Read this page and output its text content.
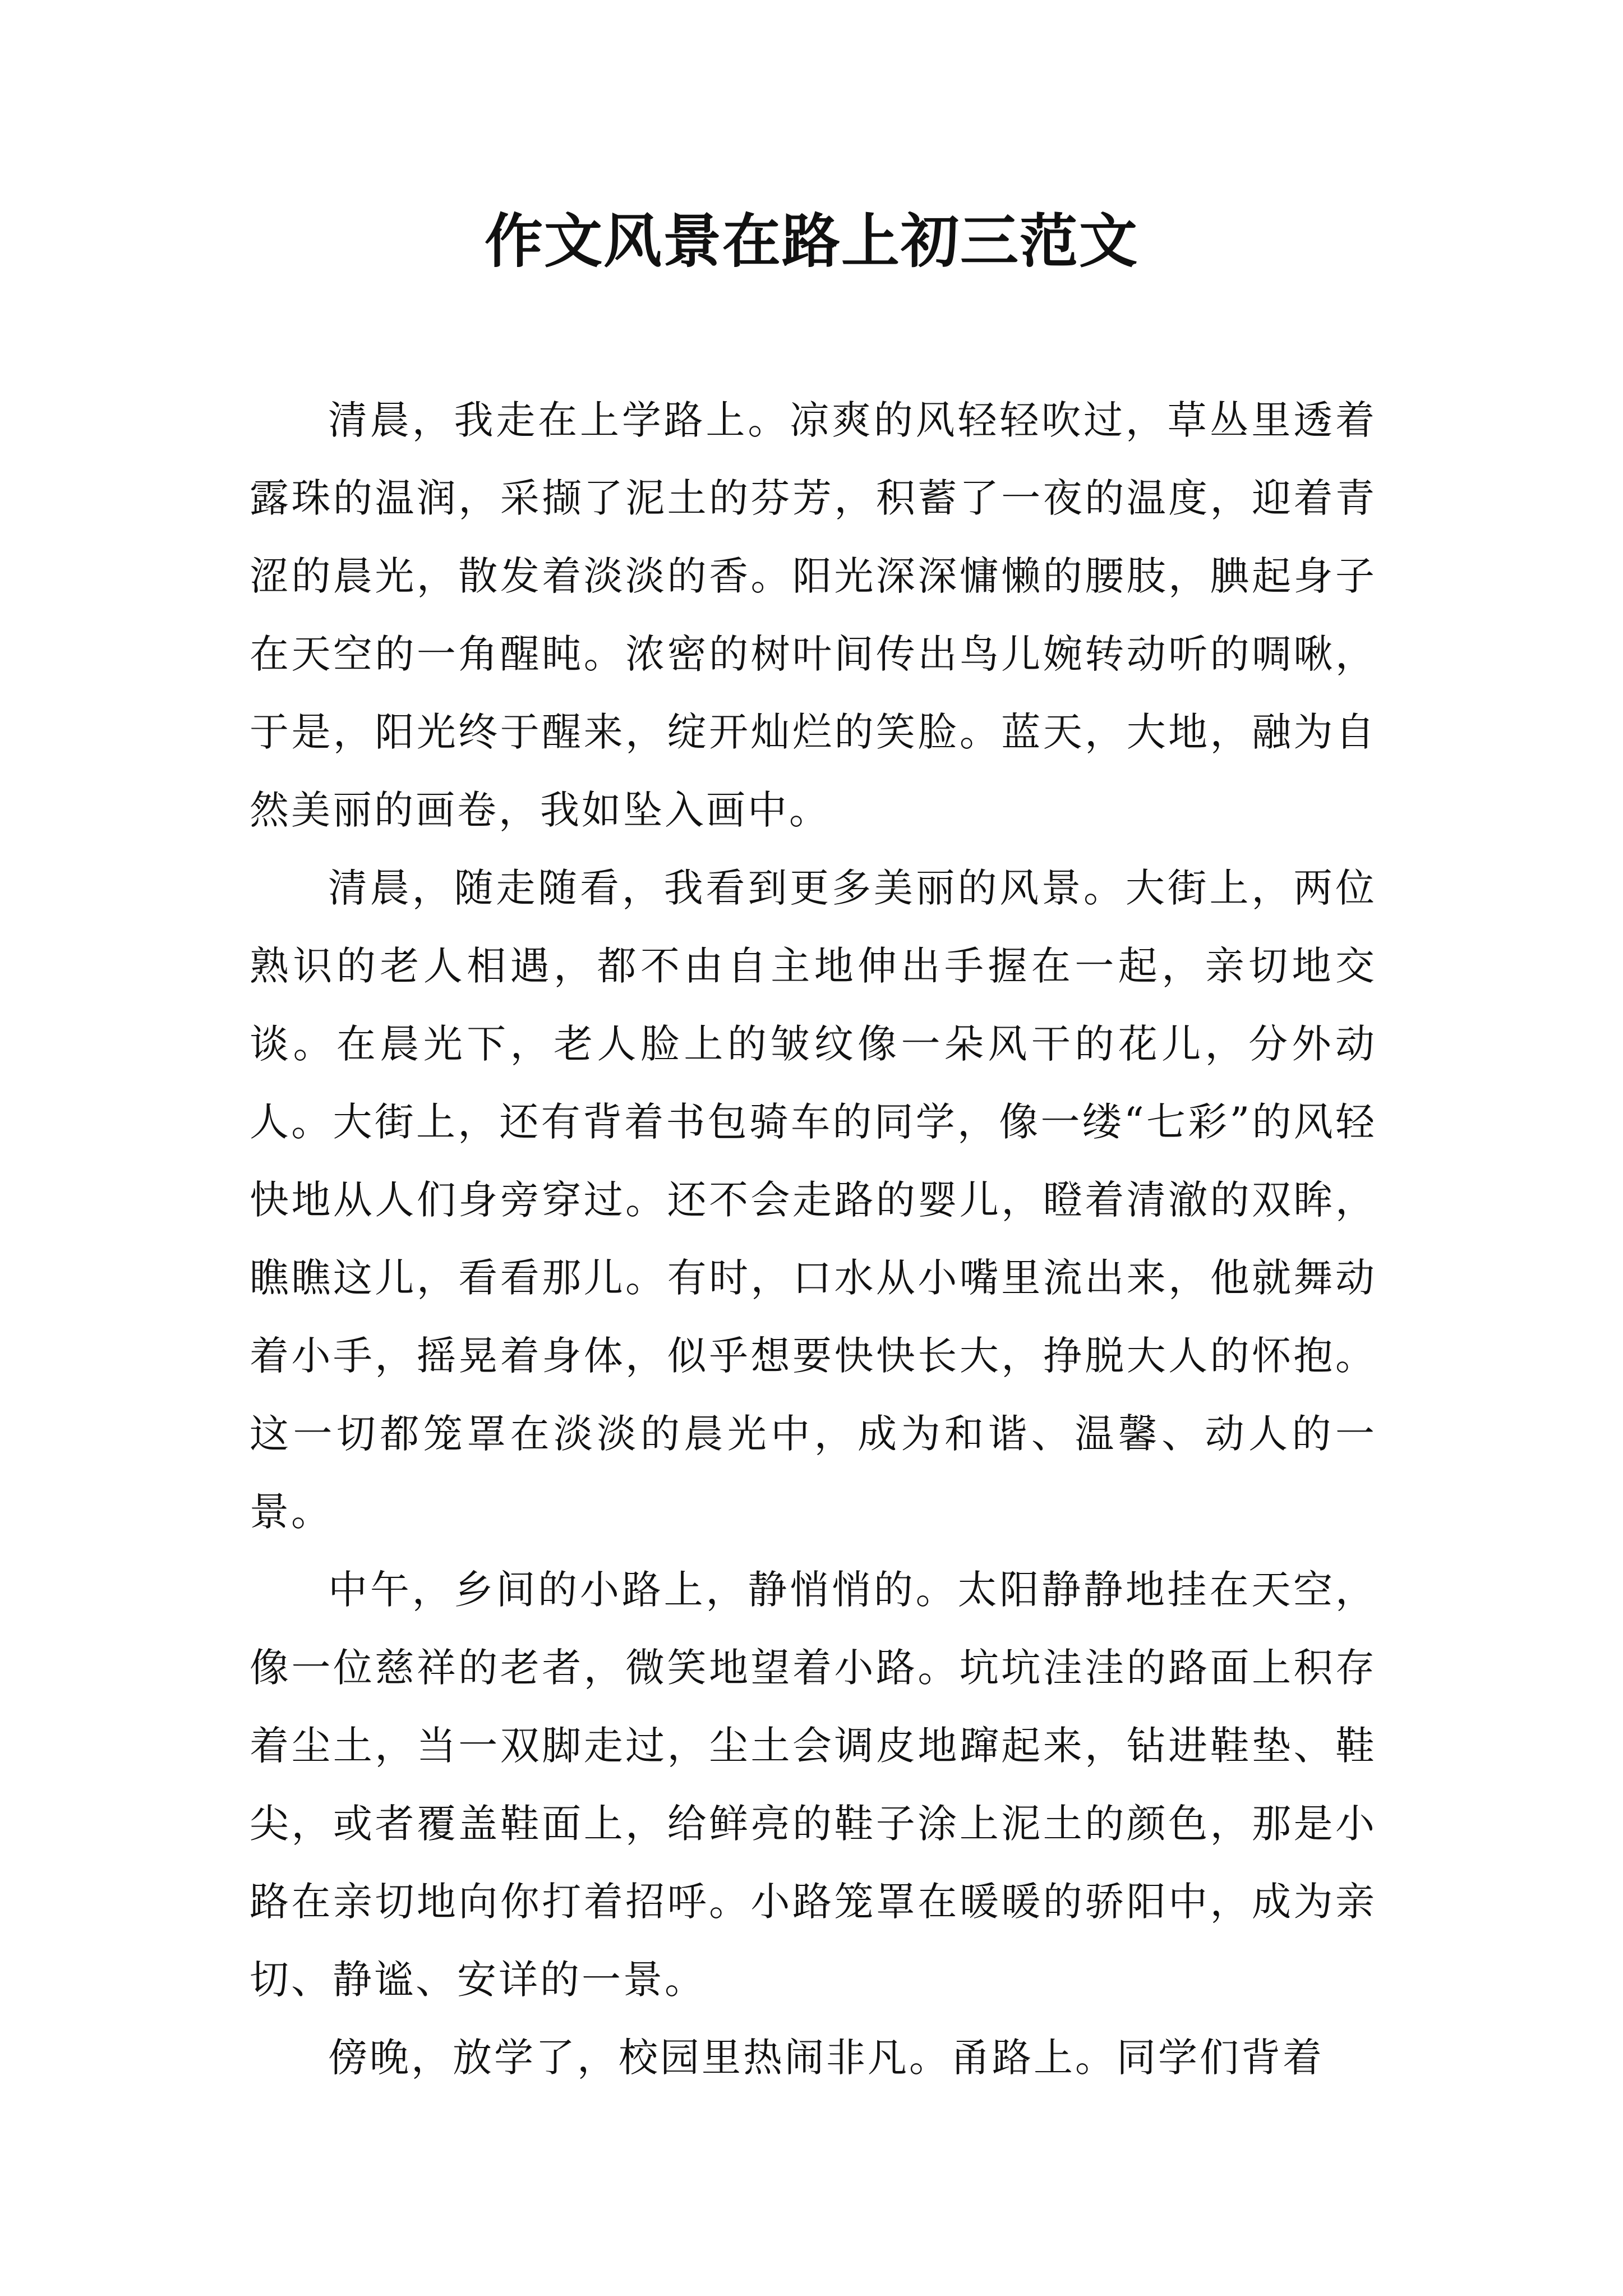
作文风景在路上初三范文

清晨，我走在上学路上。凉爽的风轻轻吹过，草丛里透着露珠的温润，采撷了泥土的芬芳，积蓄了一夜的温度，迎着青涩的晨光，散发着淡淡的香。阳光深深慵懒的腰肢，腆起身子在天空的一角醒盹。浓密的树叶间传出鸟儿婉转动听的啁啾，于是，阳光终于醒来，绽开灿烂的笑脸。蓝天，大地，融为自然美丽的画卷，我如坠入画中。

清晨，随走随看，我看到更多美丽的风景。大街上，两位熟识的老人相遇，都不由自主地伸出手握在一起，亲切地交谈。在晨光下，老人脸上的皱纹像一朵风干的花儿，分外动人。大街上，还有背着书包骑车的同学，像一缕“七彩”的风轻快地从人们身旁穿过。还不会走路的婴儿，瞪着清澈的双眸，瞧瞧这儿，看看那儿。有时，口水从小嘴里流出来，他就舞动着小手，摇晃着身体，似乎想要快快长大，挣脱大人的怀抱。这一切都笼罩在淡淡的晨光中，成为和谐、温馨、动人的一景。

中午，乡间的小路上，静悄悄的。太阳静静地挂在天空，像一位慈祥的老者，微笑地望着小路。坑坑洼洼的路面上积存着尘土，当一双脚走过，尘土会调皮地蹿起来，钻进鞋垫、鞋尖，或者覆盖鞋面上，给鲜亮的鞋子涂上泥土的颜色，那是小路在亲切地向你打着招呼。小路笼罩在暖暖的骄阳中，成为亲切、静谧、安详的一景。

傍晚，放学了，校园里热闹非凡。甬路上。同学们背着
